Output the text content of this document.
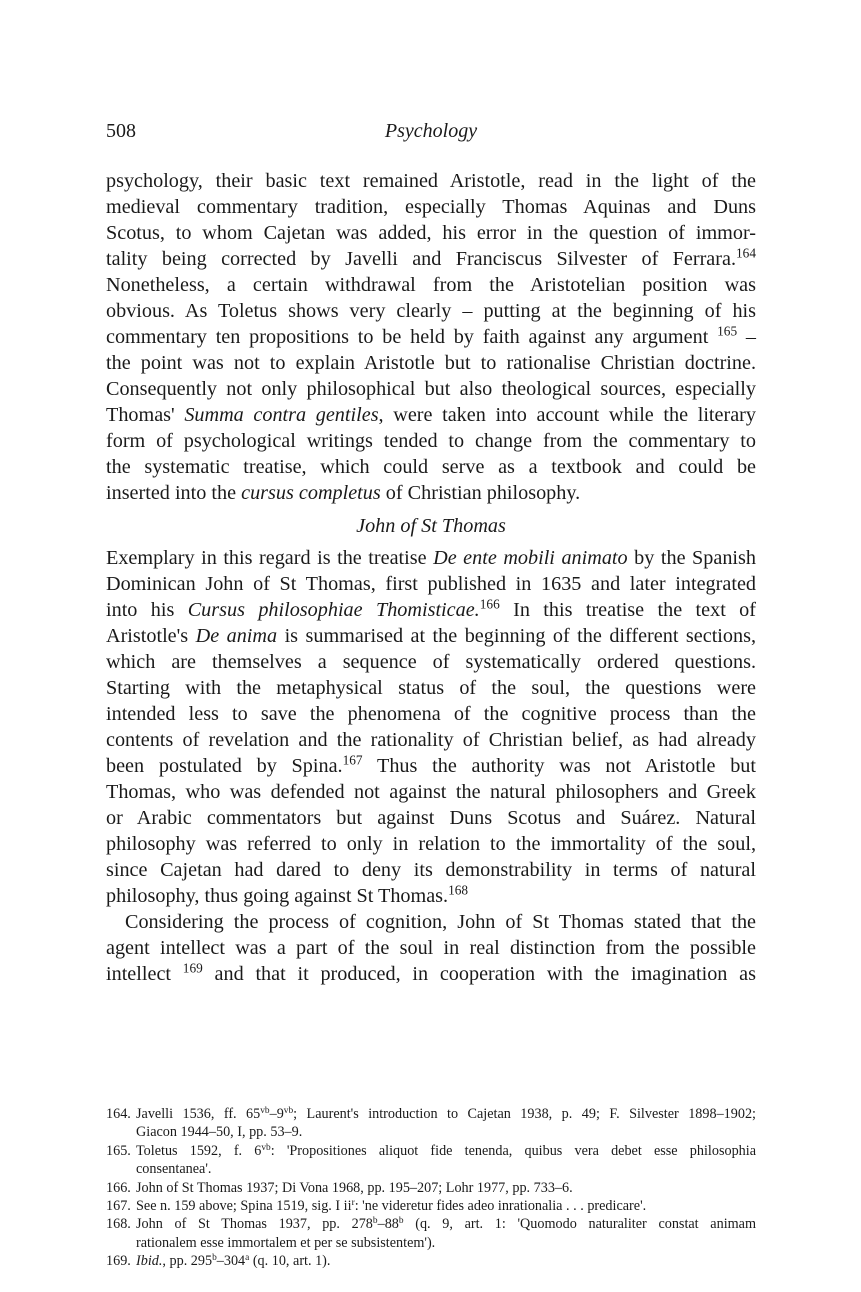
508	Psychology
psychology, their basic text remained Aristotle, read in the light of the
medieval commentary tradition, especially Thomas Aquinas and Duns
Scotus, to whom Cajetan was added, his error in the question of immor-
tality being corrected by Javelli and Franciscus Silvester of Ferrara.$^{164}$
Nonetheless, a certain withdrawal from the Aristotelian position was
obvious. As Toletus shows very clearly – putting at the beginning of his
commentary ten propositions to be held by faith against any argument $^{165}$ –
the point was not to explain Aristotle but to rationalise Christian doctrine.
Consequently not only philosophical but also theological sources, especially
Thomas' Summa contra gentiles, were taken into account while the literary
form of psychological writings tended to change from the commentary to
the systematic treatise, which could serve as a textbook and could be
inserted into the cursus completus of Christian philosophy.
John of St Thomas
Exemplary in this regard is the treatise De ente mobili animato by the Spanish
Dominican John of St Thomas, first published in 1635 and later integrated
into his Cursus philosophiae Thomisticae.$^{166}$ In this treatise the text of
Aristotle's De anima is summarised at the beginning of the different sections,
which are themselves a sequence of systematically ordered questions.
Starting with the metaphysical status of the soul, the questions were
intended less to save the phenomena of the cognitive process than the
contents of revelation and the rationality of Christian belief, as had already
been postulated by Spina.$^{167}$ Thus the authority was not Aristotle but
Thomas, who was defended not against the natural philosophers and Greek
or Arabic commentators but against Duns Scotus and Suárez. Natural
philosophy was referred to only in relation to the immortality of the soul,
since Cajetan had dared to deny its demonstrability in terms of natural
philosophy, thus going against St Thomas.$^{168}$
Considering the process of cognition, John of St Thomas stated that the
agent intellect was a part of the soul in real distinction from the possible
intellect $^{169}$ and that it produced, in cooperation with the imagination as
164. Javelli 1536, ff. $65^{vb}-9^{vb}$; Laurent's introduction to Cajetan 1938, p. 49; F. Silvester 1898–1902;
Giacon 1944–50, I, pp. 53–9.
165. Toletus 1592, f. $6^{vb}$: 'Propositiones aliquot fide tenenda, quibus vera debet esse philosophia
consentanea'.
166. John of St Thomas 1937; Di Vona 1968, pp. 195–207; Lohr 1977, pp. 733–6.
167. See n. 159 above; Spina 1519, sig. I $ii^r$: 'ne videretur fides adeo inrationalia . . . predicare'.
168. John of St Thomas 1937, pp. 278$^b$–88$^b$ (q. 9, art. 1: 'Quomodo naturaliter constat animam
rationalem esse immortalem et per se subsistentem').
169. Ibid., pp. 295$^b$–304$^a$ (q. 10, art. 1).
